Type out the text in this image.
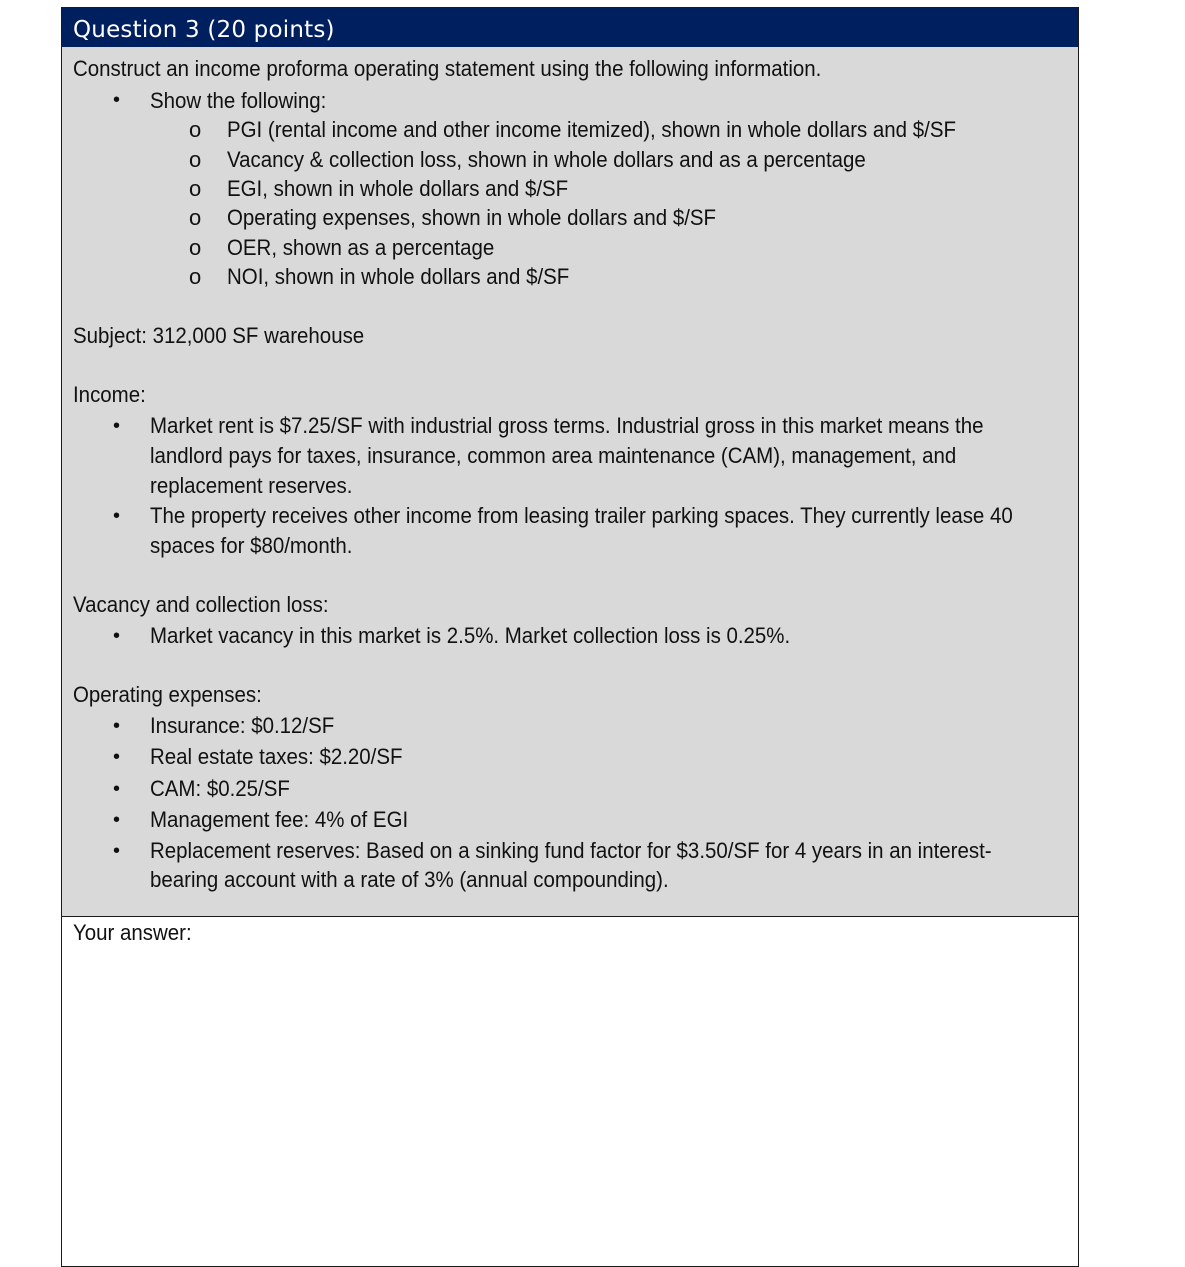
Question 3 (20 points)
Construct an income proforma operating statement using the following information.
• Show the following:
o PGI (rental income and other income itemized), shown in whole dollars and $/SF
o Vacancy & collection loss, shown in whole dollars and as a percentage
o EGI, shown in whole dollars and $/SF
o Operating expenses, shown in whole dollars and $/SF
o OER, shown as a percentage
o NOI, shown in whole dollars and $/SF
Subject: 312,000 SF warehouse
Income:
• Market rent is $7.25/SF with industrial gross terms. Industrial gross in this market means the
landlord pays for taxes, insurance, common area maintenance (CAM), management, and
replacement reserves.
• The property receives other income from leasing trailer parking spaces. They currently lease 40
spaces for $80/month.
Vacancy and collection loss:
• Market vacancy in this market is 2.5%. Market collection loss is 0.25%.
Operating expenses:
• Insurance: $0.12/SF
• Real estate taxes: $2.20/SF
• CAM: $0.25/SF
• Management fee: 4% of EGI
• Replacement reserves: Based on a sinking fund factor for $3.50/SF for 4 years in an interest-
bearing account with a rate of 3% (annual compounding).
Your answer:
